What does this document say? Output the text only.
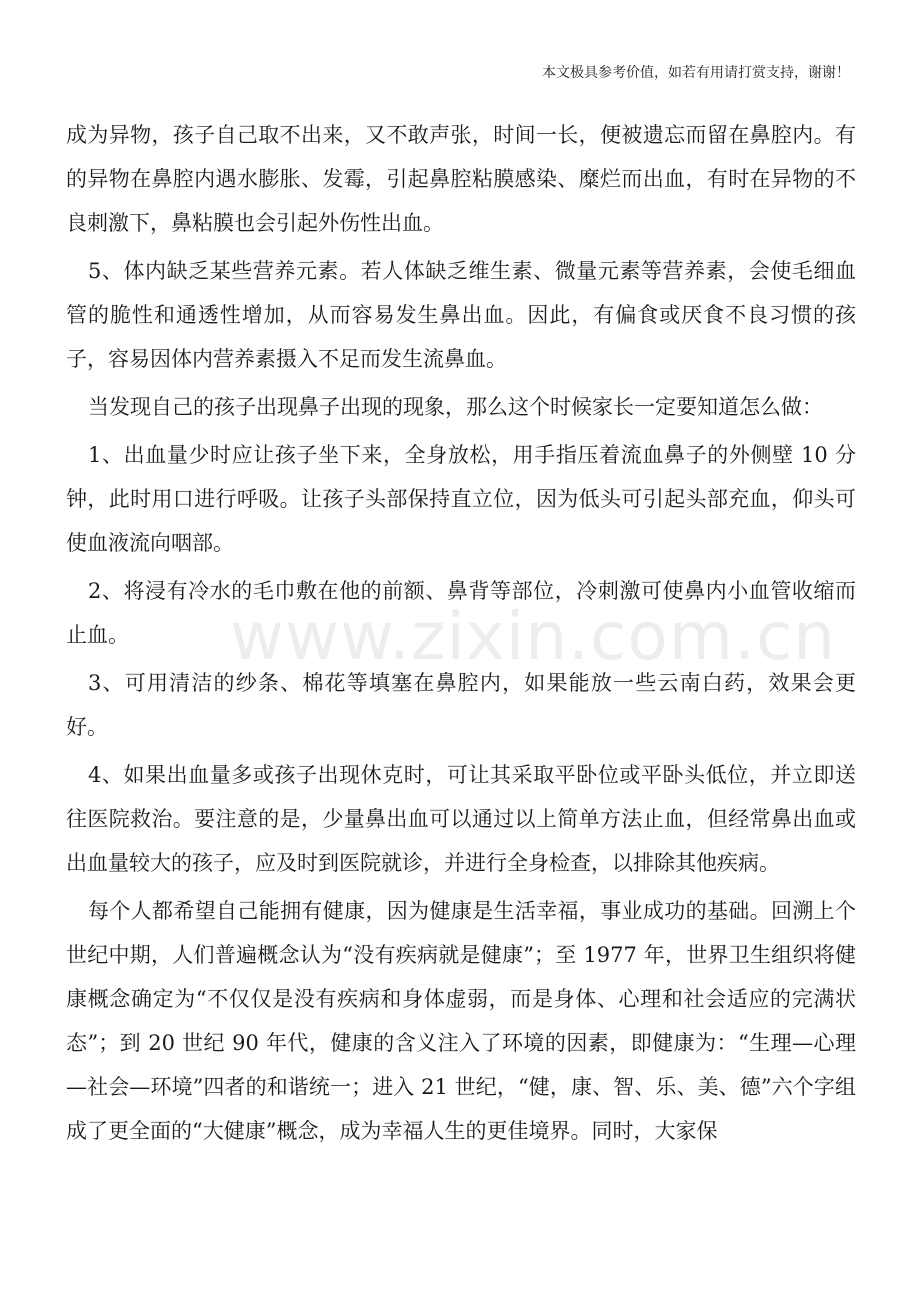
本文极具参考价值，如若有用请打赏支持，谢谢！
www.zixin.com.cn

成为异物，孩子自己取不出来，又不敢声张，时间一长，便被遗忘而留在鼻腔内。有的异物在鼻腔内遇水膨胀、发霉，引起鼻腔粘膜感染、糜烂而出血，有时在异物的不良刺激下，鼻粘膜也会引起外伤性出血。

5、体内缺乏某些营养元素。若人体缺乏维生素、微量元素等营养素，会使毛细血管的脆性和通透性增加，从而容易发生鼻出血。因此，有偏食或厌食不良习惯的孩子，容易因体内营养素摄入不足而发生流鼻血。

当发现自己的孩子出现鼻子出现的现象，那么这个时候家长一定要知道怎么做：

1、出血量少时应让孩子坐下来，全身放松，用手指压着流血鼻子的外侧壁 10 分钟，此时用口进行呼吸。让孩子头部保持直立位，因为低头可引起头部充血，仰头可使血液流向咽部。

2、将浸有冷水的毛巾敷在他的前额、鼻背等部位，冷刺激可使鼻内小血管收缩而止血。

3、可用清洁的纱条、棉花等填塞在鼻腔内，如果能放一些云南白药，效果会更好。

4、如果出血量多或孩子出现休克时，可让其采取平卧位或平卧头低位，并立即送往医院救治。要注意的是，少量鼻出血可以通过以上简单方法止血，但经常鼻出血或出血量较大的孩子，应及时到医院就诊，并进行全身检查，以排除其他疾病。

每个人都希望自己能拥有健康，因为健康是生活幸福，事业成功的基础。回溯上个世纪中期，人们普遍概念认为“没有疾病就是健康”；至 1977 年，世界卫生组织将健康概念确定为“不仅仅是没有疾病和身体虚弱，而是身体、心理和社会适应的完满状态”；到 20 世纪 90 年代，健康的含义注入了环境的因素，即健康为：“生理—心理—社会—环境”四者的和谐统一；进入 21 世纪，“健，康、智、乐、美、德”六个字组成了更全面的“大健康”概念，成为幸福人生的更佳境界。同时，大家保
